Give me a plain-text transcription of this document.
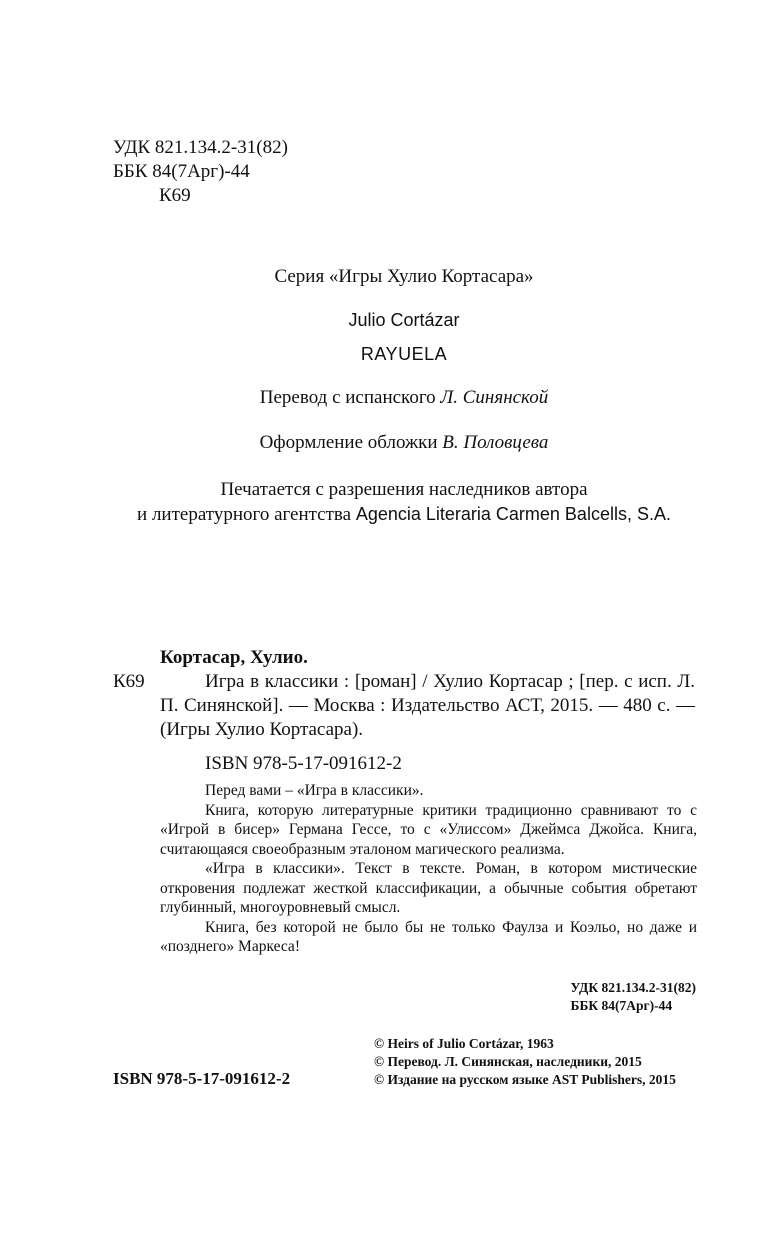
УДК 821.134.2-31(82)
ББК 84(7Арг)-44
К69
Серия «Игры Хулио Кортасара»
Julio Cortázar
RAYUELA
Перевод с испанского Л. Синянской
Оформление обложки В. Половцева
Печатается с разрешения наследников автора
и литературного агентства Agencia Literaria Carmen Balcells, S.A.
К69
Кортасар, Хулио.
Игра в классики : [роман] / Хулио Кортасар ; [пер. с исп. Л. П. Синянской]. — Москва : Издательство АСТ, 2015. — 480 с. — (Игры Хулио Кортасара).
ISBN 978-5-17-091612-2

Перед вами – «Игра в классики».

Книга, которую литературные критики традиционно сравнивают то с «Игрой в бисер» Германа Гессе, то с «Улиссом» Джеймса Джойса. Книга, считающаяся своеобразным эталоном магического реализма.

«Игра в классики». Текст в тексте. Роман, в котором мистические откровения подлежат жесткой классификации, а обычные события обретают глубинный, многоуровневый смысл.

Книга, без которой не было бы не только Фаулза и Коэльо, но даже и «позднего» Маркеса!

УДК 821.134.2-31(82)
ББК 84(7Арг)-44
© Heirs of Julio Cortázar, 1963
© Перевод. Л. Синянская, наследники, 2015
© Издание на русском языке AST Publishers, 2015
ISBN 978-5-17-091612-2
